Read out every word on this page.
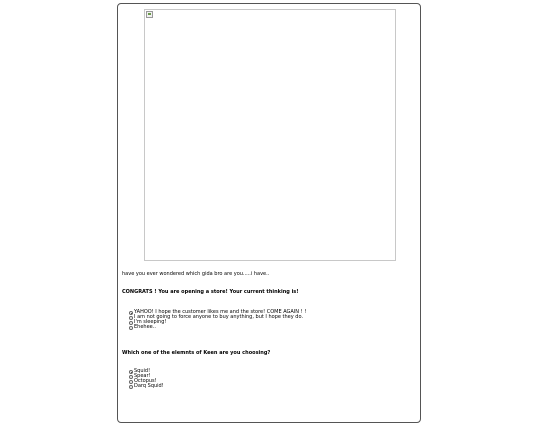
have you ever wondered which gida bro are you.....i have..
CONGRATS ! You are opening a store! Your current thinking is!
YAHOO! I hope the customer likes me and the store! COME AGAIN ! !
I am not going to force anyone to buy anything, but I hope they do.
I'm sleeping!
Ehehee..
Which one of the elemnts of Keen are you choosing?
Squid!
Spear!
Octopus!
Darq Squid!
